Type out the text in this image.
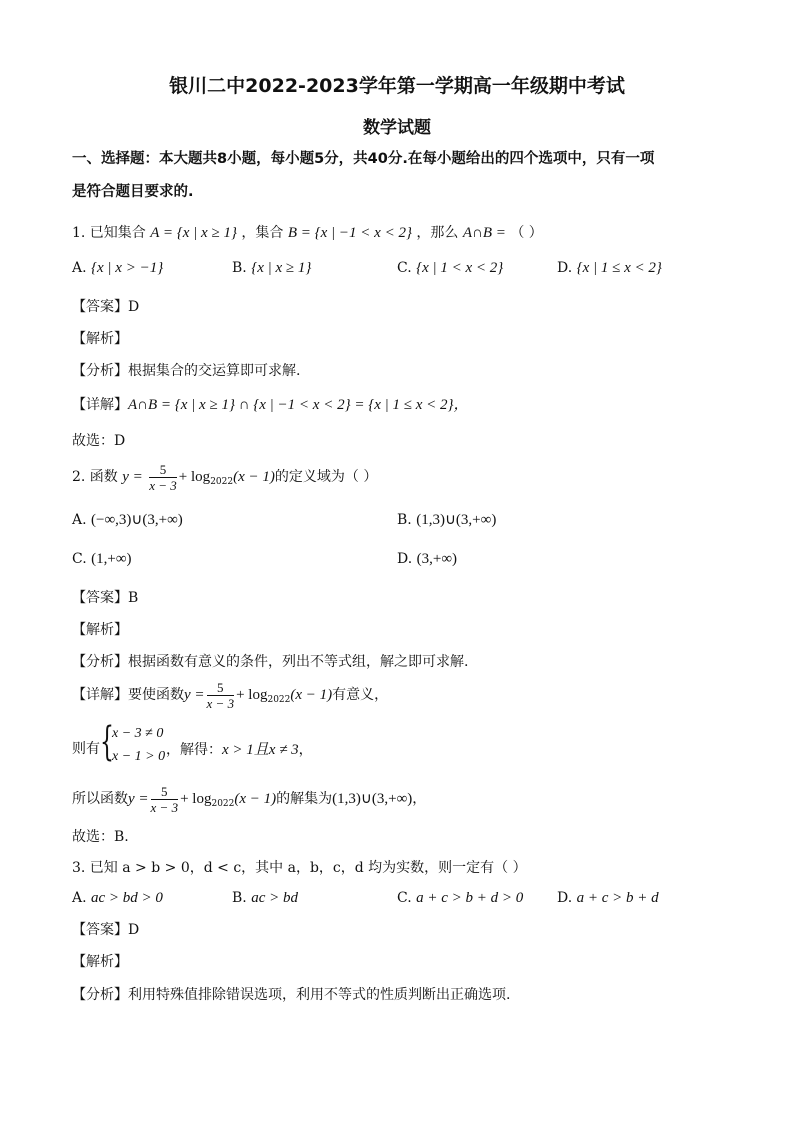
银川二中2022-2023学年第一学期高一年级期中考试
数学试题
一、选择题：本大题共8小题，每小题5分，共40分.在每小题给出的四个选项中，只有一项
是符合题目要求的.
1. 已知集合 A = {x | x ≥ 1} ，集合 B = {x | −1 < x < 2} ，那么 A∩B = （ ）
A. {x | x > −1}	B. {x | x ≥ 1}	C. {x | 1 < x < 2}	D. {x | 1 ≤ x < 2}
【答案】D
【解析】
【分析】根据集合的交运算即可求解.
【详解】A∩B = {x | x ≥ 1} ∩ {x | −1 < x < 2} = {x | 1 ≤ x < 2}，
故选：D
2. 函数 $y = \frac{5}{x - 3} + \log_{2022}(x - 1)$的定义域为（ ）
A. (−∞,3)∪(3,+∞)	B. (1,3)∪(3,+∞)
C. (1,+∞)	D. (3,+∞)
【答案】B
【解析】
【分析】根据函数有意义的条件，列出不等式组，解之即可求解.
【详解】要使函数$y = \frac{5}{x - 3} + \log_{2022}(x - 1)$有意义，
则有 {
x − 3 ≠ 0
x − 1 > 0 ，解得：x > 1且x ≠ 3，
所以函数$y = \frac{5}{x - 3} + \log_{2022}(x - 1)$的解集为(1,3)∪(3,+∞)，
故选：B.
3. 已知 a > b > 0，d < c，其中 a，b，c，d 均为实数，则一定有（ ）
A. ac > bd > 0	B. ac > bd	C. a + c > b + d > 0 D. a + c > b + d
【答案】D
【解析】
【分析】利用特殊值排除错误选项，利用不等式的性质判断出正确选项.
